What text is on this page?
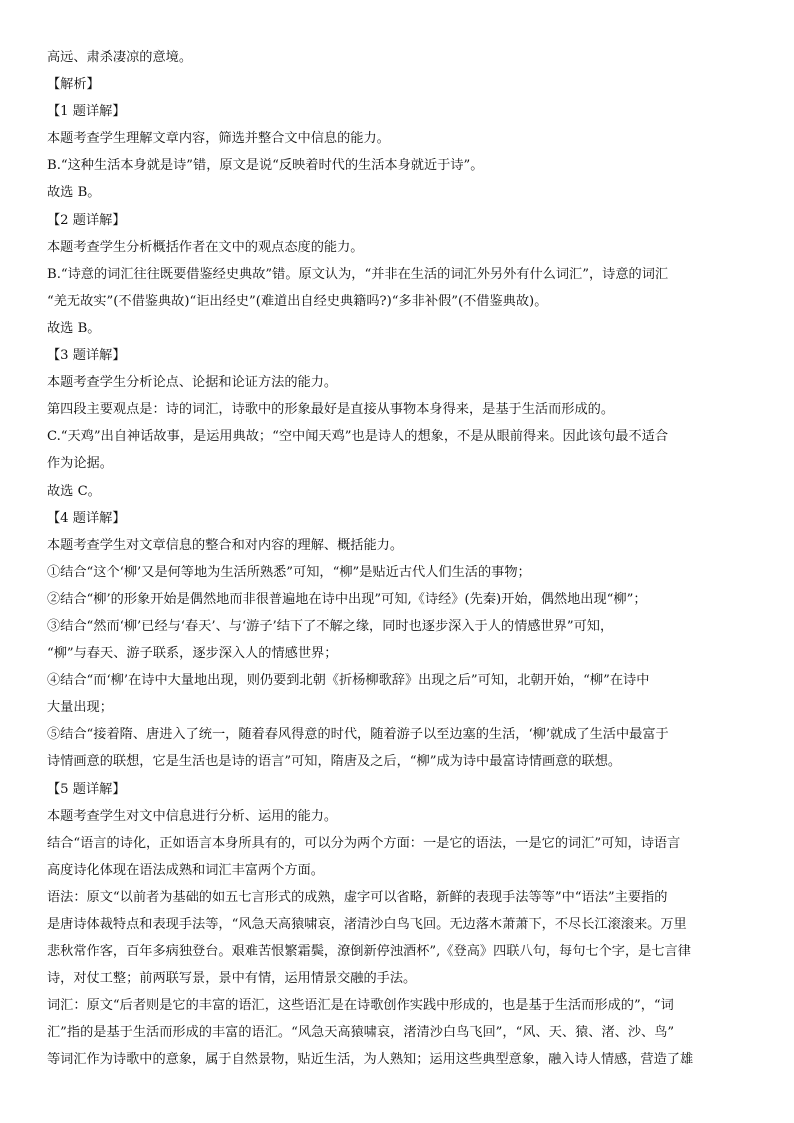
高远、肃杀凄凉的意境。
【解析】
【1 题详解】
本题考查学生理解文章内容，筛选并整合文中信息的能力。
B.“这种生活本身就是诗”错，原文是说“反映着时代的生活本身就近于诗”。
故选 B。
【2 题详解】
本题考查学生分析概括作者在文中的观点态度的能力。
B.“诗意的词汇往往既要借鉴经史典故”错。原文认为，“并非在生活的词汇外另外有什么词汇”，诗意的词汇
“羌无故实”(不借鉴典故)“讵出经史”(难道出自经史典籍吗?)“多非补假”(不借鉴典故)。
故选 B。
【3 题详解】
本题考查学生分析论点、论据和论证方法的能力。
第四段主要观点是：诗的词汇，诗歌中的形象最好是直接从事物本身得来，是基于生活而形成的。
C.“天鸡”出自神话故事，是运用典故；“空中闻天鸡”也是诗人的想象，不是从眼前得来。因此该句最不适合
作为论据。
故选 C。
【4 题详解】
本题考查学生对文章信息的整合和对内容的理解、概括能力。
①结合“这个‘柳’又是何等地为生活所熟悉”可知，“柳”是贴近古代人们生活的事物；
②结合“柳’的形象开始是偶然地而非很普遍地在诗中出现”可知,《诗经》(先秦)开始，偶然地出现“柳”；
③结合“然而‘柳’已经与‘春天’、与‘游子’结下了不解之缘，同时也逐步深入于人的情感世界”可知，
“柳”与春天、游子联系，逐步深入人的情感世界；
④结合“而‘柳’在诗中大量地出现，则仍要到北朝《折杨柳歌辞》出现之后”可知，北朝开始，“柳”在诗中
大量出现；
⑤结合“接着隋、唐进入了统一，随着春风得意的时代，随着游子以至边塞的生活，‘柳’就成了生活中最富于
诗情画意的联想，它是生活也是诗的语言”可知，隋唐及之后，“柳”成为诗中最富诗情画意的联想。
【5 题详解】
本题考查学生对文中信息进行分析、运用的能力。
结合“语言的诗化，正如语言本身所具有的，可以分为两个方面：一是它的语法，一是它的词汇”可知，诗语言
高度诗化体现在语法成熟和词汇丰富两个方面。
语法：原文“以前者为基础的如五七言形式的成熟，虚字可以省略，新鲜的表现手法等等”中“语法”主要指的
是唐诗体裁特点和表现手法等，“风急天高猿啸哀，渚清沙白鸟飞回。无边落木萧萧下，不尽长江滚滚来。万里
悲秋常作客，百年多病独登台。艰难苦恨繁霜鬓，潦倒新停浊酒杯”,《登高》四联八句，每句七个字，是七言律
诗，对仗工整；前两联写景，景中有情，运用情景交融的手法。
词汇：原文“后者则是它的丰富的语汇，这些语汇是在诗歌创作实践中形成的，也是基于生活而形成的”，“词
汇”指的是基于生活而形成的丰富的语汇。“风急天高猿啸哀，渚清沙白鸟飞回”，“风、天、猿、渚、沙、鸟”
等词汇作为诗歌中的意象，属于自然景物，贴近生活，为人熟知；运用这些典型意象，融入诗人情感，营造了雄
